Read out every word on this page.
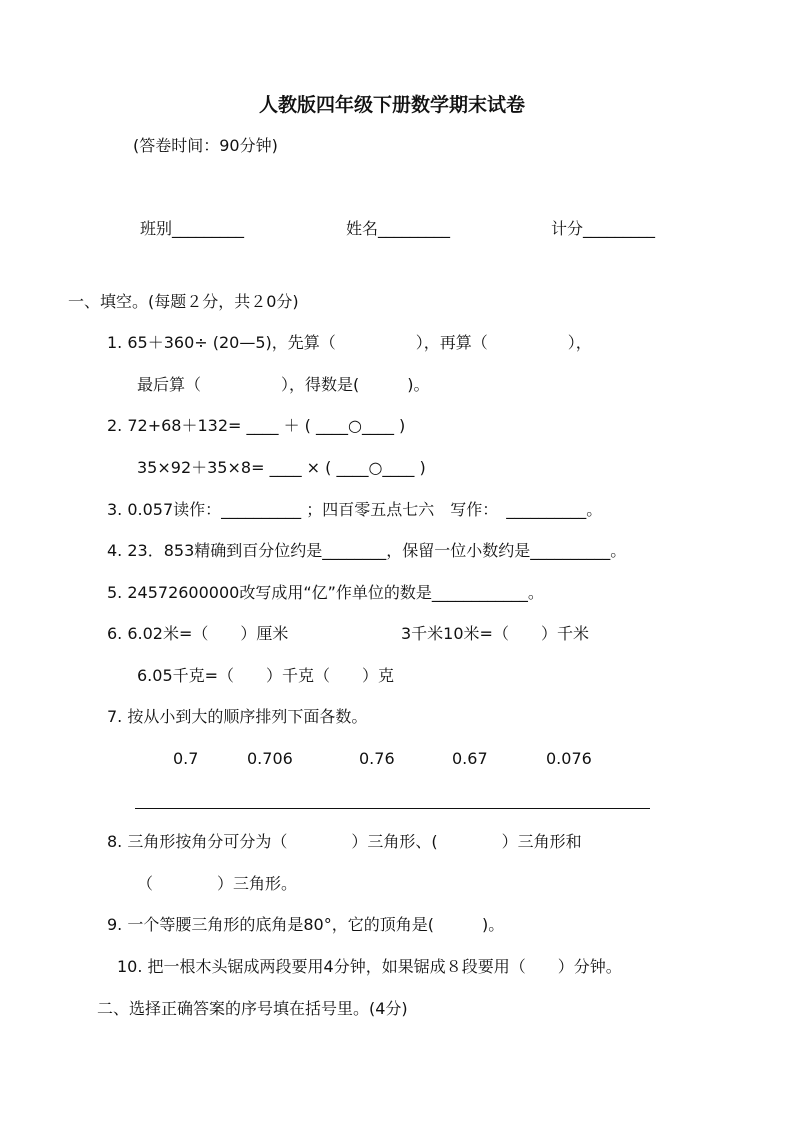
人教版四年级下册数学期末试卷
(答卷时间：90分钟)
班别_________	姓名_________	计分_________
一、填空。(每题２分，共２0分)
1. 65＋360÷ (20—5)，先算（　　　　　），再算（　　　　　），
最后算（　　　　　），得数是(　　　)。
2. 72+68＋132= ____ ＋ ( ____○____ )
35×92＋35×8= ____ × ( ____○____ )
3. 0.057读作：__________ ；四百零五点七六　写作：　__________。
4. 23．853精确到百分位约是________，保留一位小数约是__________。
5. 24572600000改写成用“亿”作单位的数是____________。
6. 6.02米=（　　）厘米	3千米10米=（　　）千米
6.05千克=（　　）千克（　　）克
7. 按从小到大的顺序排列下面各数。
0.7	0.706	0.76	0.67	0.076
8. 三角形按角分可分为（　　　　）三角形、(　　　　）三角形和
（　　　　）三角形。
9. 一个等腰三角形的底角是80°，它的顶角是(　　　)。
10. 把一根木头锯成两段要用4分钟，如果锯成８段要用（　　）分钟。
二、选择正确答案的序号填在括号里。(4分)
